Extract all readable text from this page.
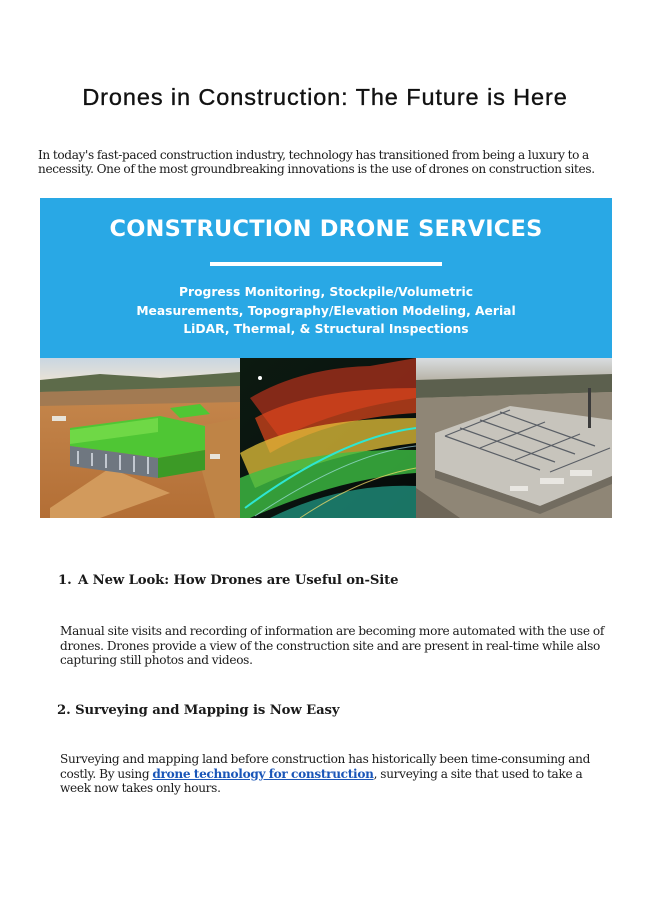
Drones in Construction: The Future is Here

In today's fast-paced construction industry, technology has transitioned from being a luxury to a necessity. One of the most groundbreaking innovations is the use of drones on construction sites.

CONSTRUCTION DRONE SERVICES
Progress Monitoring, Stockpile/Volumetric
Measurements, Topography/Elevation Modeling, Aerial
LiDAR, Thermal, & Structural Inspections
1. A New Look: How Drones are Useful on-Site

Manual site visits and recording of information are becoming more automated with the use of drones. Drones provide a view of the construction site and are present in real-time while also capturing still photos and videos.

2. Surveying and Mapping is Now Easy

Surveying and mapping land before construction has historically been time-consuming and costly. By using drone technology for construction, surveying a site that used to take a week now takes only hours.
